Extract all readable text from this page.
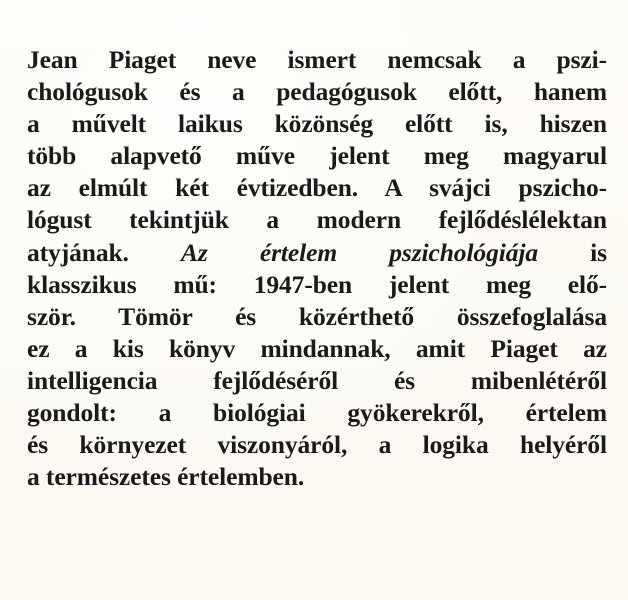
Jean Piaget neve ismert nemcsak a pszi-
chológusok és a pedagógusok előtt, hanem
a művelt laikus közönség előtt is, hiszen
több alapvető műve jelent meg magyarul
az elmúlt két évtizedben. A svájci pszicho-
lógust tekintjük a modern fejlődéslélektan
atyjának. Az értelem pszichológiája is
klasszikus mű: 1947-ben jelent meg elő-
ször. Tömör és közérthető összefoglalása
ez a kis könyv mindannak, amit Piaget az
intelligencia fejlődéséről és mibenlétéről
gondolt: a biológiai gyökerekről, értelem
és környezet viszonyáról, a logika helyéről
a természetes értelemben.
